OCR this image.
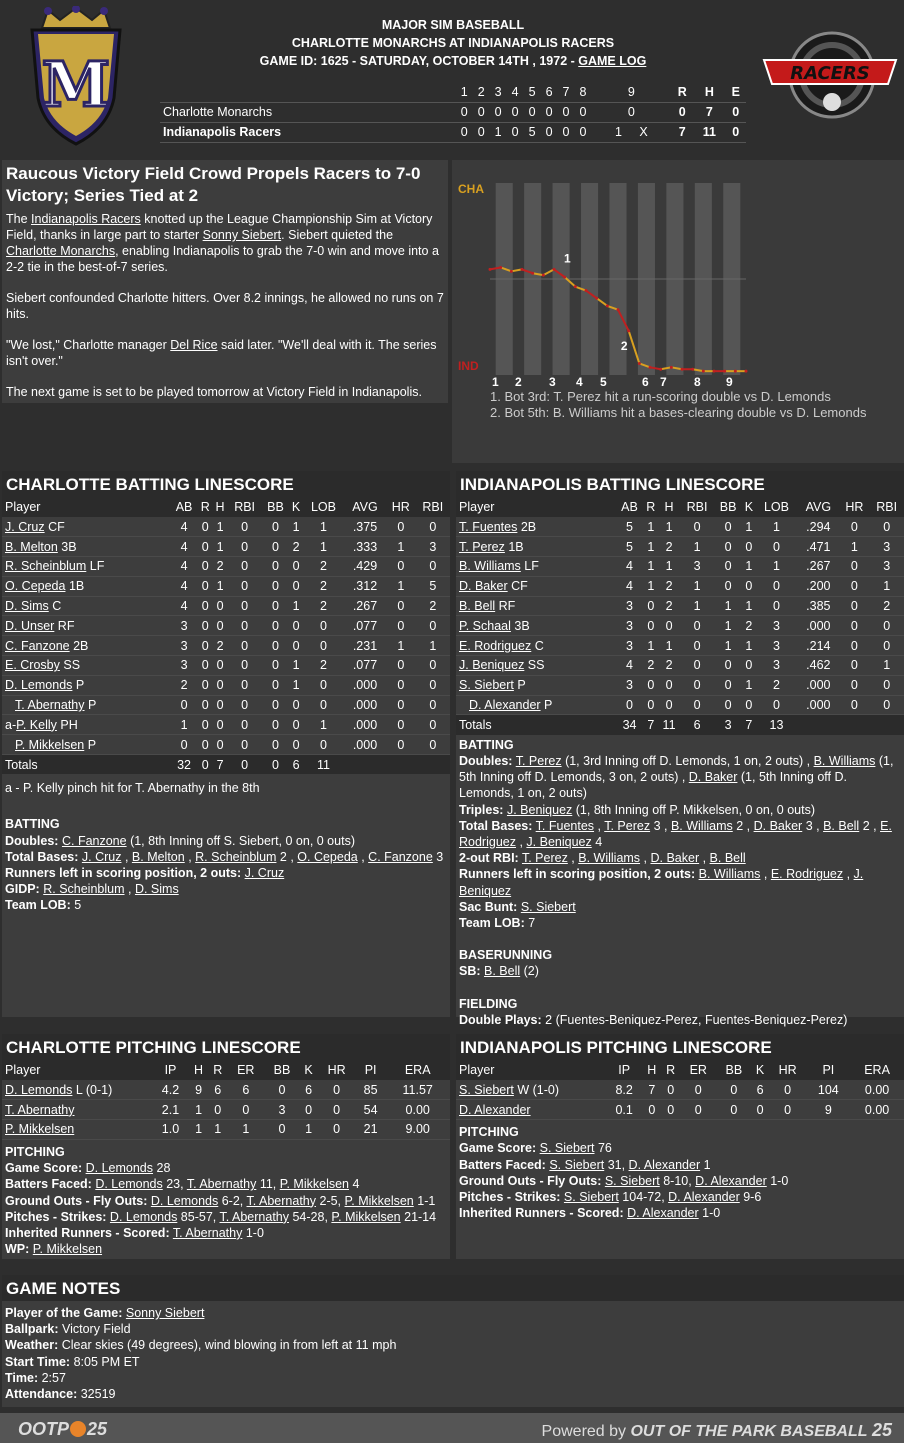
M
MAJOR SIM BASEBALL
CHARLOTTE MONARCHS AT INDIANAPOLIS RACERS
GAME ID: 1625 - SATURDAY, OCTOBER 14TH , 1972 - GAME LOG
	1	2	3	4	5	6	7	8	9	R	H	E
Charlotte Monarchs	0	0	0	0	0	0	0	0	0	0	7	0
Indianapolis Racers	0	0	1	0	5	0	0	0	1     X	7	11	0
RACERS
Raucous Victory Field Crowd Propels Racers to 7-0 Victory; Series Tied at 2

The Indianapolis Racers knotted up the League Championship Sim at Victory Field, thanks in large part to starter Sonny Siebert. Siebert quieted the Charlotte Monarchs, enabling Indianapolis to grab the 7-0 win and move into a 2-2 tie in the best-of-7 series.

Siebert confounded Charlotte hitters. Over 8.2 innings, he allowed no runs on 7 hits.

"We lost," Charlotte manager Del Rice said later. "We'll deal with it. The series isn't over."

The next game is set to be played tomorrow at Victory Field in Indianapolis.

CHA
IND
1
2
1 2 3 4 5	6 7 8 9
1. Bot 3rd: T. Perez hit a run-scoring double vs D. Lemonds
2. Bot 5th: B. Williams hit a bases-clearing double vs D. Lemonds
CHARLOTTE BATTING LINESCORE
Player	AB	R	H	RBI	BB	K	LOB	AVG	HR	RBI
J. Cruz CF	4	0	1	0	0	1	1	.375	0	0
B. Melton 3B	4	0	1	0	0	2	1	.333	1	3
R. Scheinblum LF	4	0	2	0	0	0	2	.429	0	0
O. Cepeda 1B	4	0	1	0	0	0	2	.312	1	5
D. Sims C	4	0	0	0	0	1	2	.267	0	2
D. Unser RF	3	0	0	0	0	0	0	.077	0	0
C. Fanzone 2B	3	0	2	0	0	0	0	.231	1	1
E. Crosby SS	3	0	0	0	0	1	2	.077	0	0
D. Lemonds P	2	0	0	0	0	1	0	.000	0	0
T. Abernathy P	0	0	0	0	0	0	0	.000	0	0
a-P. Kelly PH	1	0	0	0	0	0	1	.000	0	0
P. Mikkelsen P	0	0	0	0	0	0	0	.000	0	0
Totals	32	0	7	0	0	6	11			
a - P. Kelly pinch hit for T. Abernathy in the 8th
BATTING
Doubles: C. Fanzone (1, 8th Inning off S. Siebert, 0 on, 0 outs)
Total Bases: J. Cruz , B. Melton , R. Scheinblum 2 , O. Cepeda , C. Fanzone 3
Runners left in scoring position, 2 outs: J. Cruz
GIDP: R. Scheinblum , D. Sims
Team LOB: 5
INDIANAPOLIS BATTING LINESCORE
Player	AB	R	H	RBI	BB	K	LOB	AVG	HR	RBI
T. Fuentes 2B	5	1	1	0	0	1	1	.294	0	0
T. Perez 1B	5	1	2	1	0	0	0	.471	1	3
B. Williams LF	4	1	1	3	0	1	1	.267	0	3
D. Baker CF	4	1	2	1	0	0	0	.200	0	1
B. Bell RF	3	0	2	1	1	1	0	.385	0	2
P. Schaal 3B	3	0	0	0	1	2	3	.000	0	0
E. Rodriguez C	3	1	1	0	1	1	3	.214	0	0
J. Beniquez SS	4	2	2	0	0	0	3	.462	0	1
S. Siebert P	3	0	0	0	0	1	2	.000	0	0
D. Alexander P	0	0	0	0	0	0	0	.000	0	0
Totals	34	7	11	6	3	7	13			
BATTING
Doubles: T. Perez (1, 3rd Inning off D. Lemonds, 1 on, 2 outs) , B. Williams (1, 5th Inning off D. Lemonds, 3 on, 2 outs) , D. Baker (1, 5th Inning off D. Lemonds, 1 on, 2 outs)
Triples: J. Beniquez (1, 8th Inning off P. Mikkelsen, 0 on, 0 outs)
Total Bases: T. Fuentes , T. Perez 3 , B. Williams 2 , D. Baker 3 , B. Bell 2 , E. Rodriguez , J. Beniquez 4
2-out RBI: T. Perez , B. Williams , D. Baker , B. Bell
Runners left in scoring position, 2 outs: B. Williams , E. Rodriguez , J. Beniquez
Sac Bunt: S. Siebert
Team LOB: 7
BASERUNNING
SB: B. Bell (2)
FIELDING
Double Plays: 2 (Fuentes-Beniquez-Perez, Fuentes-Beniquez-Perez)
CHARLOTTE PITCHING LINESCORE
Player	IP	H	R	ER	BB	K	HR	PI	ERA
D. Lemonds L (0-1)	4.2	9	6	6	0	6	0	85	11.57
T. Abernathy	2.1	1	0	0	3	0	0	54	0.00
P. Mikkelsen	1.0	1	1	1	0	1	0	21	9.00
PITCHING
Game Score: D. Lemonds 28
Batters Faced: D. Lemonds 23, T. Abernathy 11, P. Mikkelsen 4
Ground Outs - Fly Outs: D. Lemonds 6-2, T. Abernathy 2-5, P. Mikkelsen 1-1
Pitches - Strikes: D. Lemonds 85-57, T. Abernathy 54-28, P. Mikkelsen 21-14
Inherited Runners - Scored: T. Abernathy 1-0
WP: P. Mikkelsen
INDIANAPOLIS PITCHING LINESCORE
Player	IP	H	R	ER	BB	K	HR	PI	ERA
S. Siebert W (1-0)	8.2	7	0	0	0	6	0	104	0.00
D. Alexander	0.1	0	0	0	0	0	0	9	0.00
PITCHING
Game Score: S. Siebert 76
Batters Faced: S. Siebert 31, D. Alexander 1
Ground Outs - Fly Outs: S. Siebert 8-10, D. Alexander 1-0
Pitches - Strikes: S. Siebert 104-72, D. Alexander 9-6
Inherited Runners - Scored: D. Alexander 1-0
GAME NOTES
Player of the Game: Sonny Siebert
Ballpark: Victory Field
Weather: Clear skies (49 degrees), wind blowing in from left at 11 mph
Start Time: 8:05 PM ET
Time: 2:57
Attendance: 32519
OOTP 25	Powered by OUT OF THE PARK BASEBALL 25
